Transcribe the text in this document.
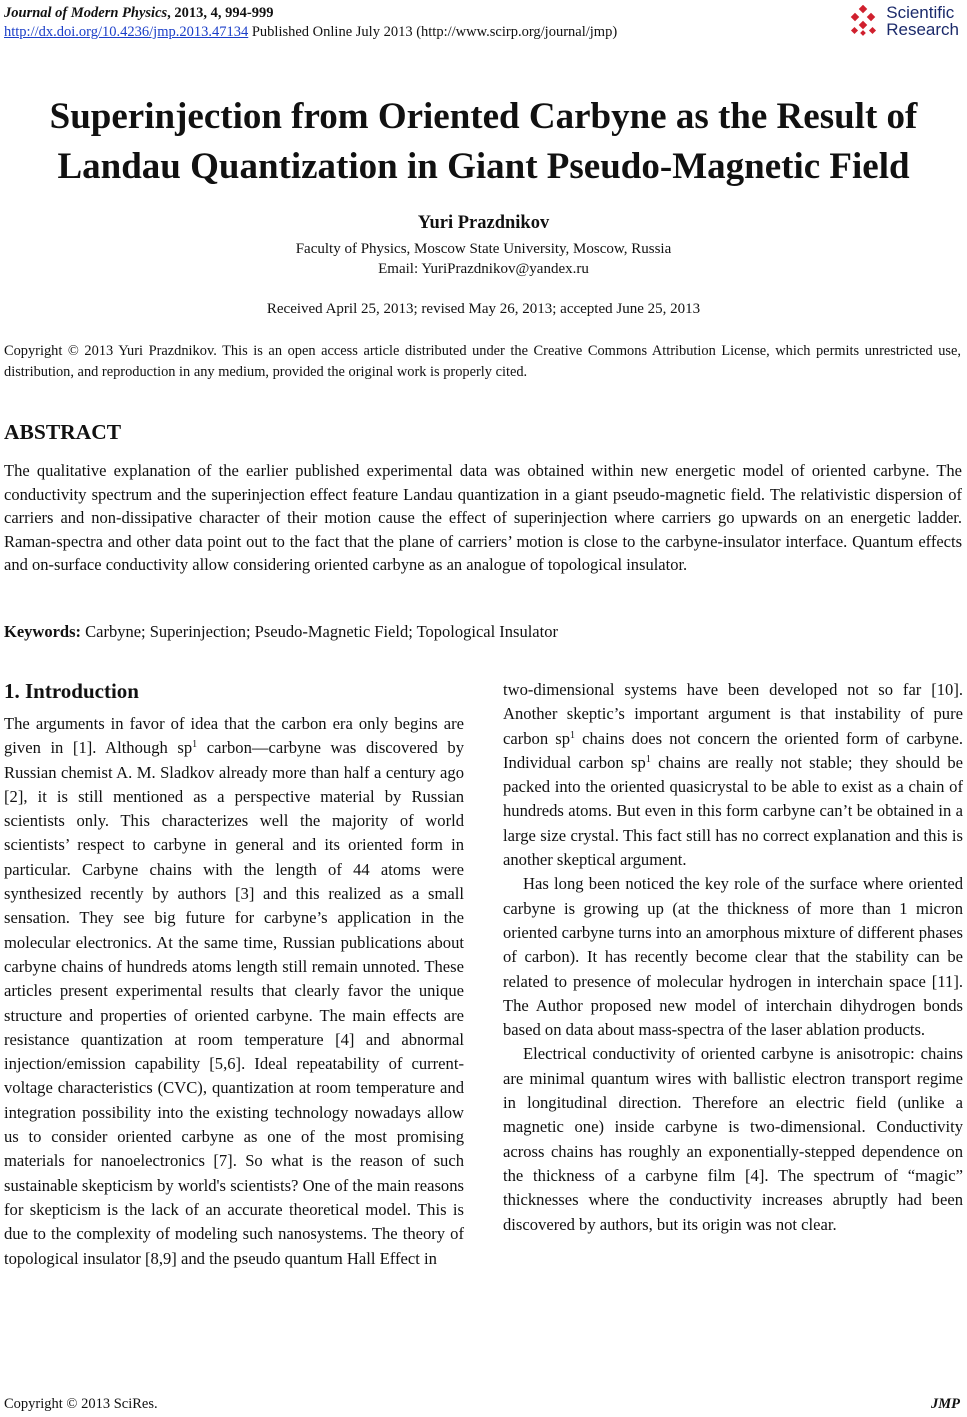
Journal of Modern Physics, 2013, 4, 994-999
http://dx.doi.org/10.4236/jmp.2013.47134 Published Online July 2013 (http://www.scirp.org/journal/jmp)
Scientific
Research
Superinjection from Oriented Carbyne as the Result of
Landau Quantization in Giant Pseudo-Magnetic Field
Yuri Prazdnikov
Faculty of Physics, Moscow State University, Moscow, Russia
Email: YuriPrazdnikov@yandex.ru
Received April 25, 2013; revised May 26, 2013; accepted June 25, 2013
Copyright © 2013 Yuri Prazdnikov. This is an open access article distributed under the Creative Commons Attribution License, which permits unrestricted use, distribution, and reproduction in any medium, provided the original work is properly cited.
ABSTRACT
The qualitative explanation of the earlier published experimental data was obtained within new energetic model of oriented carbyne. The conductivity spectrum and the superinjection effect feature Landau quantization in a giant pseudo-magnetic field. The relativistic dispersion of carriers and non-dissipative character of their motion cause the effect of superinjection where carriers go upwards on an energetic ladder. Raman-spectra and other data point out to the fact that the plane of carriers’ motion is close to the carbyne-insulator interface. Quantum effects and on-surface conductivity allow considering oriented carbyne as an analogue of topological insulator.
Keywords: Carbyne; Superinjection; Pseudo-Magnetic Field; Topological Insulator
1. Introduction

The arguments in favor of idea that the carbon era only begins are given in [1]. Although $sp^1$ carbon—carbyne was discovered by Russian chemist A. M. Sladkov already more than half a century ago [2], it is still mentioned as a perspective material by Russian scientists only. This characterizes well the majority of world scientists’ respect to carbyne in general and its oriented form in particular. Carbyne chains with the length of 44 atoms were synthesized recently by authors [3] and this realized as a small sensation. They see big future for carbyne’s application in the molecular electronics. At the same time, Russian publications about carbyne chains of hundreds atoms length still remain unnoted. These articles present experimental results that clearly favor the unique structure and properties of oriented carbyne. The main effects are resistance quantization at room temperature [4] and abnormal injection/emission capability [5,6]. Ideal repeatability of current-voltage characteristics (CVC), quantization at room temperature and integration possibility into the existing technology nowadays allow us to consider oriented carbyne as one of the most promising materials for nanoelectronics [7]. So what is the reason of such sustainable skepticism by world's scientists? One of the main reasons for skepticism is the lack of an accurate theoretical model. This is due to the complexity of modeling such nanosystems. The theory of topological insulator [8,9] and the pseudo quantum Hall Effect in

two-dimensional systems have been developed not so far [10]. Another skeptic’s important argument is that instability of pure carbon $sp^1$ chains does not concern the oriented form of carbyne. Individual carbon $sp^1$ chains are really not stable; they should be packed into the oriented quasicrystal to be able to exist as a chain of hundreds atoms. But even in this form carbyne can’t be obtained in a large size crystal. This fact still has no correct explanation and this is another skeptical argument.

Has long been noticed the key role of the surface where oriented carbyne is growing up (at the thickness of more than 1 micron oriented carbyne turns into an amorphous mixture of different phases of carbon). It has recently become clear that the stability can be related to presence of molecular hydrogen in interchain space [11]. The Author proposed new model of interchain dihydrogen bonds based on data about mass-spectra of the laser ablation products.

Electrical conductivity of oriented carbyne is anisotropic: chains are minimal quantum wires with ballistic electron transport regime in longitudinal direction. Therefore an electric field (unlike a magnetic one) inside carbyne is two-dimensional. Conductivity across chains has roughly an exponentially-stepped dependence on the thickness of a carbyne film [4]. The spectrum of “magic” thicknesses where the conductivity increases abruptly had been discovered by authors, but its origin was not clear.

Copyright © 2013 SciRes.	JMP
